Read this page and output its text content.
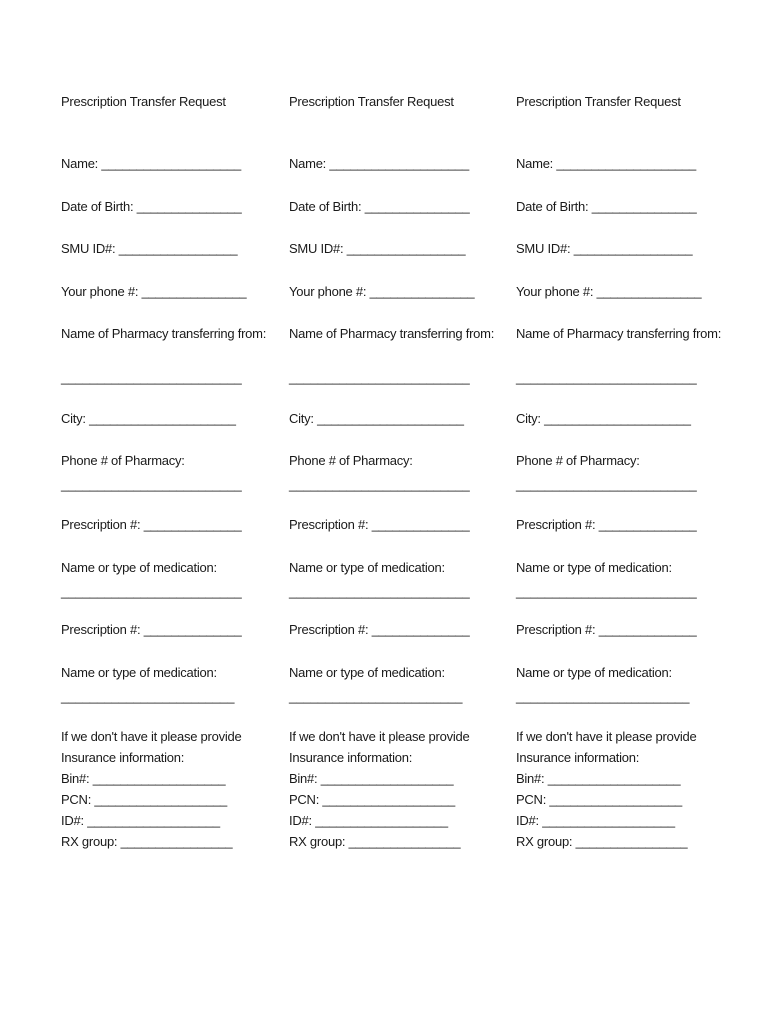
Prescription Transfer Request
Name: ____________________
Date of Birth: _______________
SMU ID#: _________________
Your phone #: _______________
Name of Pharmacy transferring from:
_________________________
City: _____________________
Phone # of Pharmacy:
_________________________
Prescription #: ______________
Name or type of medication:
_________________________
Prescription #: ______________
Name or type of medication:
________________________
If we don't have it please provide
Insurance information:
Bin#: ___________________
PCN: ___________________
ID#: ___________________
RX group: ________________
Prescription Transfer Request
Name: ____________________
Date of Birth: _______________
SMU ID#: _________________
Your phone #: _______________
Name of Pharmacy transferring from:
_________________________
City: _____________________
Phone # of Pharmacy:
_________________________
Prescription #: ______________
Name or type of medication:
_________________________
Prescription #: ______________
Name or type of medication:
________________________
If we don't have it please provide
Insurance information:
Bin#: ___________________
PCN: ___________________
ID#: ___________________
RX group: ________________
Prescription Transfer Request
Name: ____________________
Date of Birth: _______________
SMU ID#: _________________
Your phone #: _______________
Name of Pharmacy transferring from:
_________________________
City: _____________________
Phone # of Pharmacy:
_________________________
Prescription #: ______________
Name or type of medication:
_________________________
Prescription #: ______________
Name or type of medication:
________________________
If we don't have it please provide
Insurance information:
Bin#: ___________________
PCN: ___________________
ID#: ___________________
RX group: ________________
